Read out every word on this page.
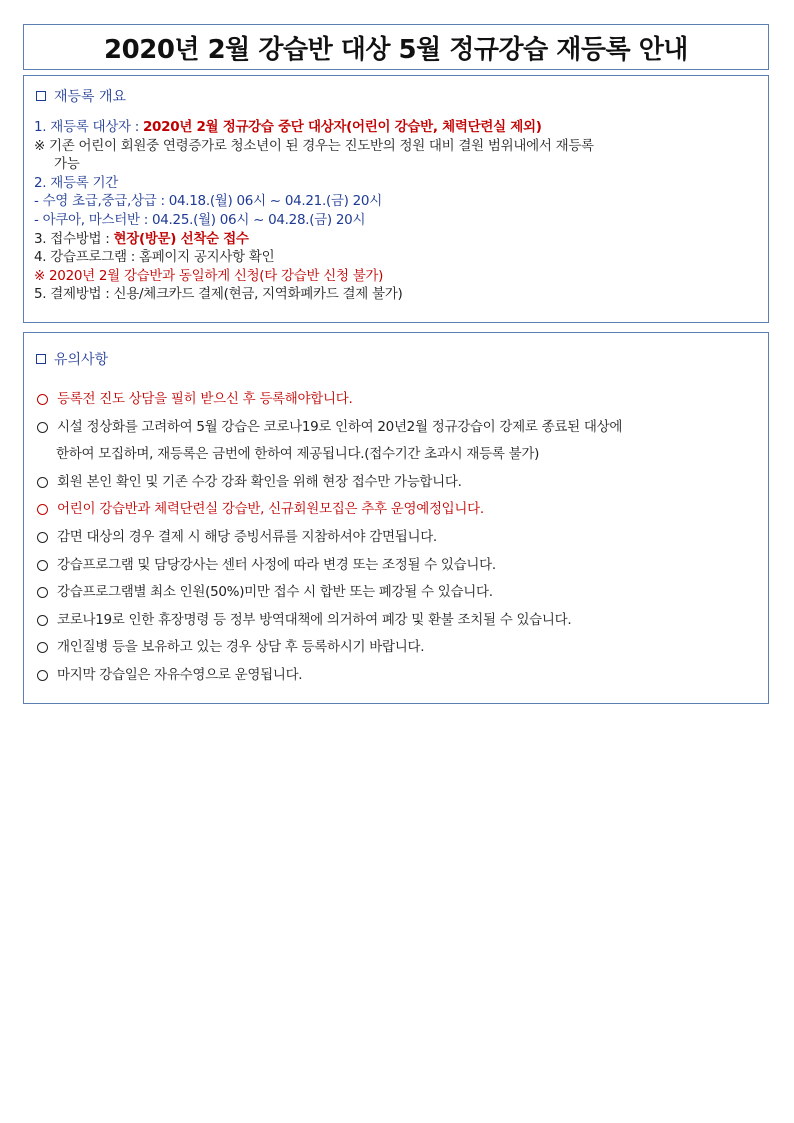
2020년 2월 강습반 대상 5월 정규강습 재등록 안내
재등록 개요
1. 재등록 대상자 : 2020년 2월 정규강습 중단 대상자(어린이 강습반, 체력단련실 제외)
※ 기존 어린이 회원중 연령증가로 청소년이 된 경우는 진도반의 정원 대비 결원 범위내에서 재등록
가능
2. 재등록 기간
- 수영 초급,중급,상급 : 04.18.(월) 06시 ~ 04.21.(금) 20시
- 아쿠아, 마스터반 : 04.25.(월) 06시 ~ 04.28.(금) 20시
3. 접수방법 : 현장(방문) 선착순 접수
4. 강습프로그램 : 홈페이지 공지사항 확인
※ 2020년 2월 강습반과 동일하게 신청(타 강습반 신청 불가)
5. 결제방법 : 신용/체크카드 결제(현금, 지역화폐카드 결제 불가)
유의사항
등록전 진도 상담을 필히 받으신 후 등록해야합니다.
시설 정상화를 고려하여 5월 강습은 코로나19로 인하여 20년2월 정규강습이 강제로 종료된 대상에
한하여 모집하며, 재등록은 금번에 한하여 제공됩니다.(접수기간 초과시 재등록 불가)
회원 본인 확인 및 기존 수강 강좌 확인을 위해 현장 접수만 가능합니다.
어린이 강습반과 체력단련실 강습반, 신규회원모집은 추후 운영예정입니다.
감면 대상의 경우 결제 시 해당 증빙서류를 지참하셔야 감면됩니다.
강습프로그램 및 담당강사는 센터 사정에 따라 변경 또는 조정될 수 있습니다.
강습프로그램별 최소 인원(50%)미만 접수 시 합반 또는 폐강될 수 있습니다.
코로나19로 인한 휴장명령 등 정부 방역대책에 의거하여 폐강 및 환불 조치될 수 있습니다.
개인질병 등을 보유하고 있는 경우 상담 후 등록하시기 바랍니다.
마지막 강습일은 자유수영으로 운영됩니다.
